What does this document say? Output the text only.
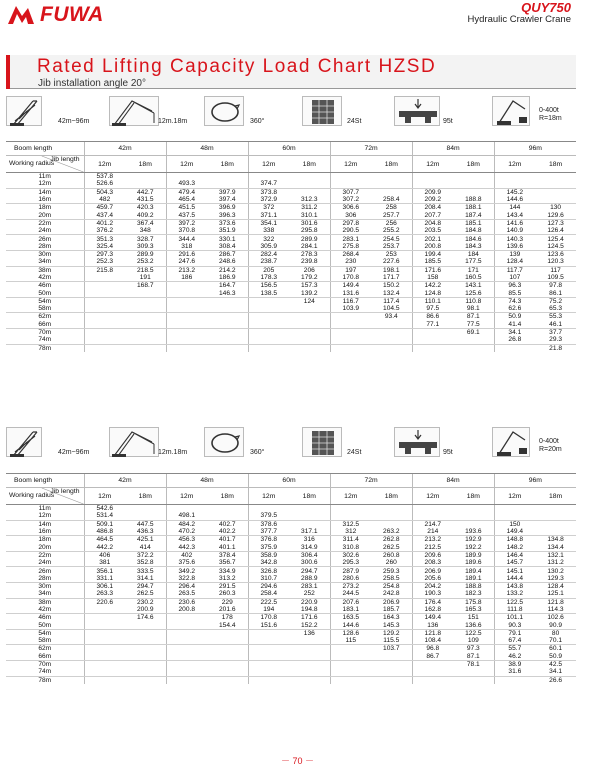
FUWA	QUY750
Hydraulic Crawler Crane
Rated Lifting Capacity Load Chart HZSD
Jib installation angle 20°
42m~96m	12m.18m	360°	24St	95t
0-400t
R=18m
Boom length	42m		48m		60m		72m		84m		96m	

Working radius
Jib length	12m	18m	12m	18m	12m	18m	12m	18m	12m	18m	12m	18m
11m	537.8											
12m	526.6		493.3		374.7							
14m	504.3	442.7	479.4	397.9	373.8		307.7		209.9		145.2	
16m	482	431.5	465.4	397.4	372.9	312.3	307.2	258.4	209.2	188.8	144.6	
18m	459.7	420.3	451.5	396.9	372	311.2	306.6	258	208.4	188.1	144	130
20m	437.4	409.2	437.5	396.3	371.1	310.1	306	257.7	207.7	187.4	143.4	129.6
22m	401.2	367.4	397.2	373.6	354.1	301.6	297.8	256	204.8	185.1	141.6	127.3
24m	376.2	348	370.8	351.9	338	295.8	290.5	255.2	203.5	184.8	140.9	126.4
26m	351.3	328.7	344.4	330.1	322	289.9	283.1	254.5	202.1	184.6	140.3	125.4
28m	325.4	309.3	318	308.4	305.9	284.1	275.8	253.7	200.8	184.3	139.6	124.5
30m	297.3	289.9	291.6	286.7	282.4	278.3	268.4	253	199.4	184	139	123.6
34m	252.3	253.2	247.6	248.6	238.7	239.8	230	227.6	185.5	177.5	128.4	120.3
38m	215.8	218.5	213.2	214.2	205	206	197	198.1	171.6	171	117.7	117
42m		191	186	186.9	178.3	179.2	170.8	171.7	158	160.5	107	109.5
46m		168.7		164.7	156.5	157.3	149.4	150.2	142.2	143.1	96.3	97.8
50m				146.3	138.5	139.2	131.6	132.4	124.8	125.6	85.5	86.1
54m						124	116.7	117.4	110.1	110.8	74.3	75.2
58m							103.9	104.5	97.5	98.1	62.6	65.3
62m								93.4	86.6	87.1	50.9	55.3
66m									77.1	77.5	41.4	46.1
70m										69.1	34.1	37.7
74m											26.8	29.3
78m												21.8
42m~96m	12m.18m	360°	24St	95t
0-400t
R=20m
Boom length	42m		48m		60m		72m		84m		96m	

Working radius
Jib length	12m	18m	12m	18m	12m	18m	12m	18m	12m	18m	12m	18m
11m	542.6											
12m	531.4		498.1		379.5							
14m	509.1	447.5	484.2	402.7	378.6		312.5		214.7		150	
16m	486.8	436.3	470.2	402.2	377.7	317.1	312	263.2	214	193.6	149.4	
18m	464.5	425.1	456.3	401.7	376.8	316	311.4	262.8	213.2	192.9	148.8	134.8
20m	442.2	414	442.3	401.1	375.9	314.9	310.8	262.5	212.5	192.2	148.2	134.4
22m	406	372.2	402	378.4	358.9	306.4	302.6	260.8	209.6	189.9	146.4	132.1
24m	381	352.8	375.6	356.7	342.8	300.6	295.3	260	208.3	189.6	145.7	131.2
26m	356.1	333.5	349.2	334.9	326.8	294.7	287.9	259.3	206.9	189.4	145.1	130.2
28m	331.1	314.1	322.8	313.2	310.7	288.9	280.6	258.5	205.6	189.1	144.4	129.3
30m	306.1	294.7	296.4	291.5	294.6	283.1	273.2	254.8	204.2	188.8	143.8	128.4
34m	263.3	262.5	263.5	260.3	258.4	252	244.5	242.8	190.3	182.3	133.2	125.1
38m	220.6	230.2	230.6	229	222.5	220.9	207.6	206.9	176.4	175.8	122.5	121.8
42m		200.9	200.8	201.6	194	194.8	183.1	185.7	162.8	165.3	111.8	114.3
46m		174.6		178	170.8	171.6	163.5	164.3	149.4	151	101.1	102.6
50m				154.4	151.6	152.2	144.6	145.3	136	136.6	90.3	90.9
54m						136	128.6	129.2	121.8	122.5	79.1	80
58m							115	115.5	108.4	109	67.4	70.1
62m								103.7	96.8	97.3	55.7	60.1
66m									86.7	87.1	46.2	50.9
70m										78.1	38.9	42.5
74m											31.6	34.1
78m												26.6
－ 70 －
